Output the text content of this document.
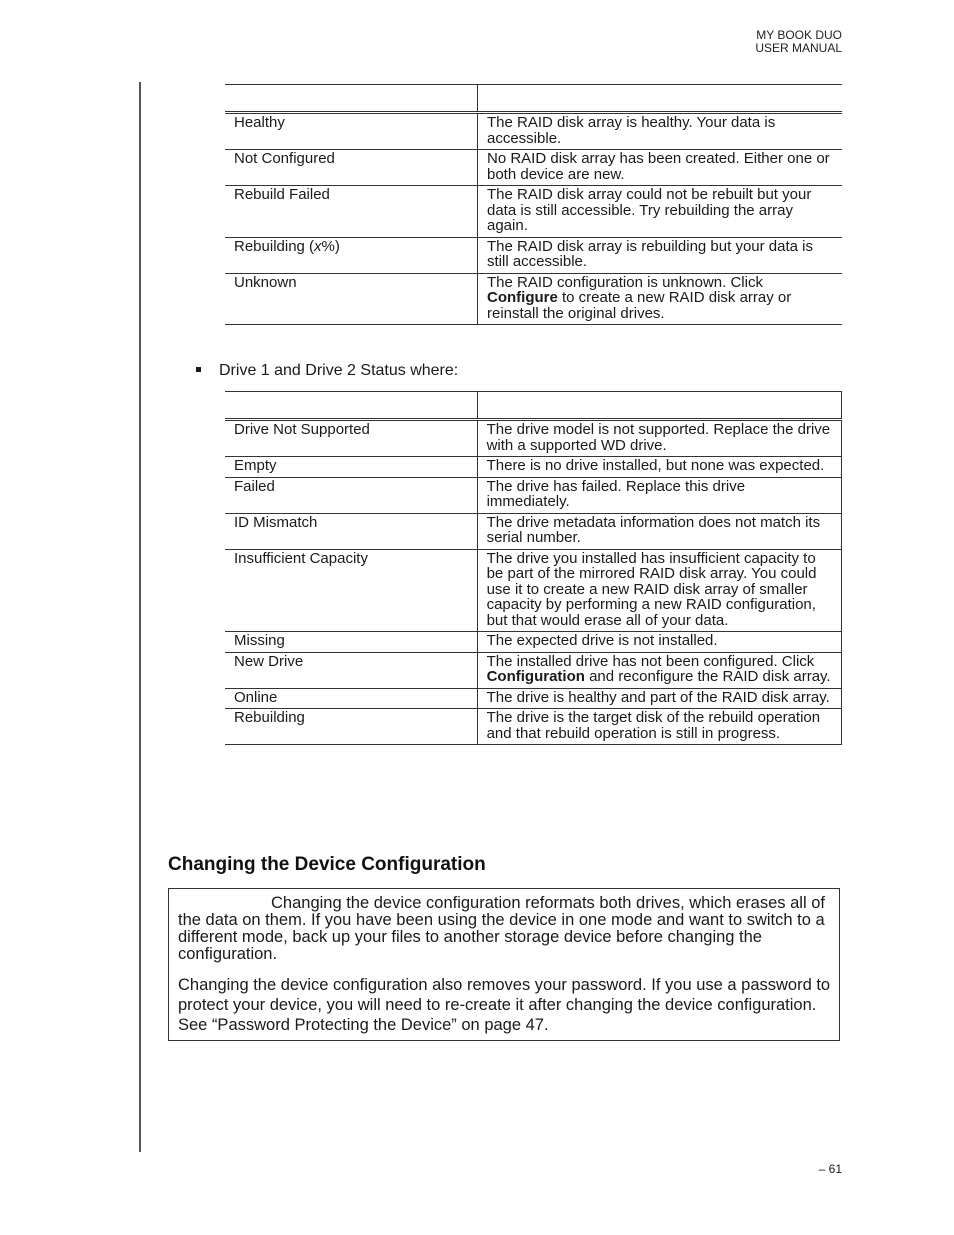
MY BOOK DUO
USER MANUAL

Healthy	The RAID disk array is healthy. Your data is accessible.
Not Configured	No RAID disk array has been created. Either one or both device are new.
Rebuild Failed	The RAID disk array could not be rebuilt but your data is still accessible. Try rebuilding the array again.
Rebuilding (x%)	The RAID disk array is rebuilding but your data is still accessible.
Unknown	The RAID configuration is unknown. Click Configure to create a new RAID disk array or reinstall the original drives.
Drive 1 and Drive 2 Status where:

Drive Not Supported	The drive model is not supported. Replace the drive with a supported WD drive.
Empty	There is no drive installed, but none was expected.
Failed	The drive has failed. Replace this drive immediately.
ID Mismatch	The drive metadata information does not match its serial number.
Insufficient Capacity	The drive you installed has insufficient capacity to be part of the mirrored RAID disk array. You could use it to create a new RAID disk array of smaller capacity by performing a new RAID configuration, but that would erase all of your data.
Missing	The expected drive is not installed.
New Drive	The installed drive has not been configured. Click Configuration and reconfigure the RAID disk array.
Online	The drive is healthy and part of the RAID disk array.
Rebuilding	The drive is the target disk of the rebuild operation and that rebuild operation is still in progress.
Changing the Device Configuration

Changing the device configuration reformats both drives, which erases all of the data on them. If you have been using the device in one mode and want to switch to a different mode, back up your files to another storage device before changing the configuration.

Changing the device configuration also removes your password. If you use a password to protect your device, you will need to re-create it after changing the device configuration. See “Password Protecting the Device” on page 47.

– 61
